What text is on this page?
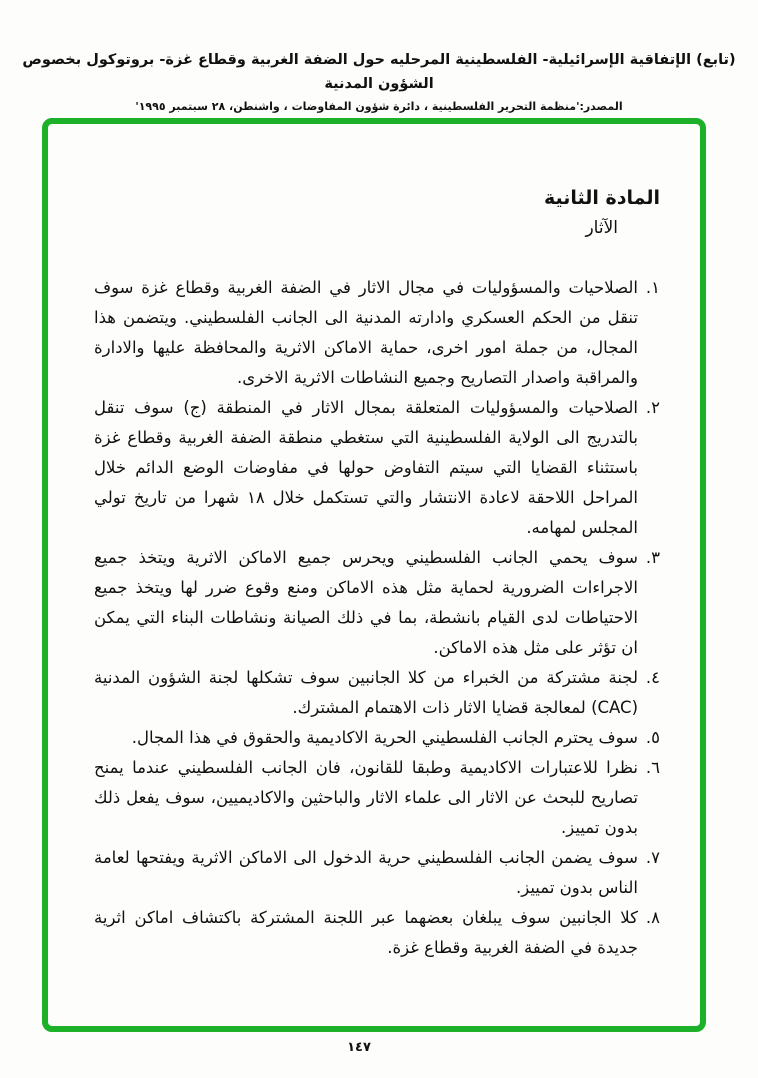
(تابع) الإتفاقية الإسرائيلية- الفلسطينية المرحليه حول الضفة الغربية وقطاع غزة- بروتوكول بخصوص الشؤون المدنية
المصدر:'منظمة التحرير الفلسطينية ، دائرة شؤون المفاوضات ، واشنطن، ٢٨ سبتمبر ١٩٩٥'
المادة الثانية
الآثار
١.

الصلاحيات والمسؤوليات في مجال الاثار في الضفة الغربية وقطاع غزة سوف تنقل من الحكم العسكري وادارته المدنية الى الجانب الفلسطيني. ويتضمن هذا المجال، من جملة امور اخرى، حماية الاماكن الاثرية والمحافظة عليها والادارة والمراقبة واصدار التصاريح وجميع النشاطات الاثرية الاخرى.

٢.

الصلاحيات والمسؤوليات المتعلقة بمجال الاثار في المنطقة (ج) سوف تنقل بالتدريج الى الولاية الفلسطينية التي ستغطي منطقة الضفة الغربية وقطاع غزة باستثناء القضايا التي سيتم التفاوض حولها في مفاوضات الوضع الدائم خلال المراحل اللاحقة لاعادة الانتشار والتي تستكمل خلال ١٨ شهرا من تاريخ تولي المجلس لمهامه.

٣.

سوف يحمي الجانب الفلسطيني ويحرس جميع الاماكن الاثرية ويتخذ جميع الاجراءات الضرورية لحماية مثل هذه الاماكن ومنع وقوع ضرر لها ويتخذ جميع الاحتياطات لدى القيام بانشطة، بما في ذلك الصيانة ونشاطات البناء التي يمكن ان تؤثر على مثل هذه الاماكن.

٤.

لجنة مشتركة من الخبراء من كلا الجانبين سوف تشكلها لجنة الشؤون المدنية (CAC) لمعالجة قضايا الاثار ذات الاهتمام المشترك.

٥.

سوف يحترم الجانب الفلسطيني الحرية الاكاديمية والحقوق في هذا المجال.

٦.

نظرا للاعتبارات الاكاديمية وطبقا للقانون، فان الجانب الفلسطيني عندما يمنح تصاريح للبحث عن الاثار الى علماء الاثار والباحثين والاكاديميين، سوف يفعل ذلك بدون تمييز.

٧.

سوف يضمن الجانب الفلسطيني حرية الدخول الى الاماكن الاثرية ويفتحها لعامة الناس بدون تمييز.

٨.

كلا الجانبين سوف يبلغان بعضهما عبر اللجنة المشتركة باكتشاف اماكن اثرية جديدة في الضفة الغربية وقطاع غزة.

١٤٧
